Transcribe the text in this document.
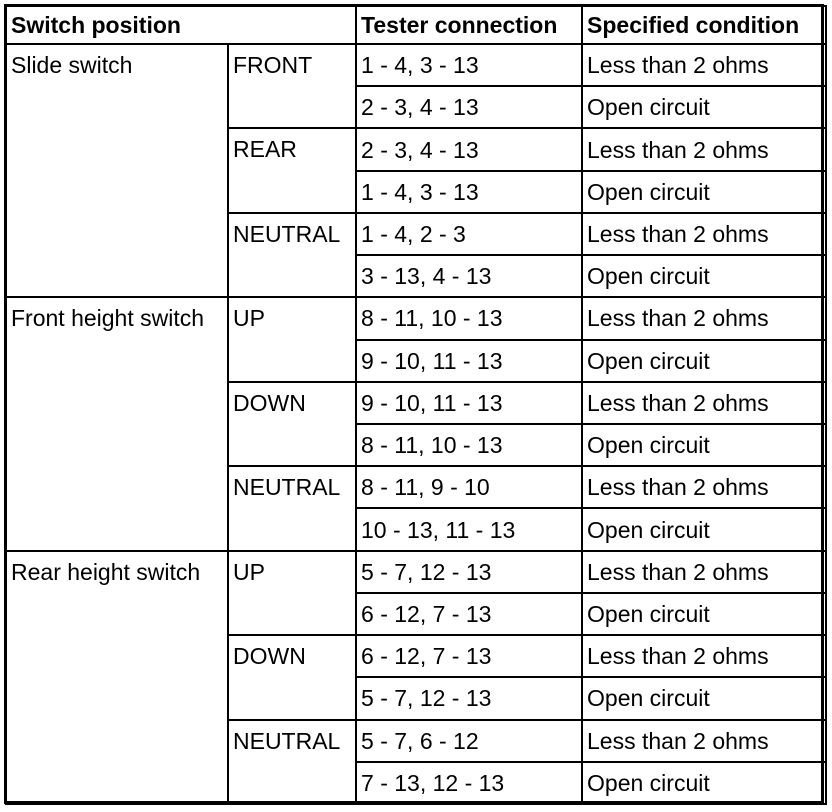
Switch position		Tester connection	Specified condition
Slide switch	FRONT	1 - 4, 3 - 13	Less than 2 ohms
		2 - 3, 4 - 13	Open circuit
	REAR	2 - 3, 4 - 13	Less than 2 ohms
		1 - 4, 3 - 13	Open circuit
	NEUTRAL	1 - 4, 2 - 3	Less than 2 ohms
		3 - 13, 4 - 13	Open circuit
Front height switch	UP	8 - 11, 10 - 13	Less than 2 ohms
		9 - 10, 11 - 13	Open circuit
	DOWN	9 - 10, 11 - 13	Less than 2 ohms
		8 - 11, 10 - 13	Open circuit
	NEUTRAL	8 - 11, 9 - 10	Less than 2 ohms
		10 - 13, 11 - 13	Open circuit
Rear height switch	UP	5 - 7, 12 - 13	Less than 2 ohms
		6 - 12, 7 - 13	Open circuit
	DOWN	6 - 12, 7 - 13	Less than 2 ohms
		5 - 7, 12 - 13	Open circuit
	NEUTRAL	5 - 7, 6 - 12	Less than 2 ohms
		7 - 13, 12 - 13	Open circuit
